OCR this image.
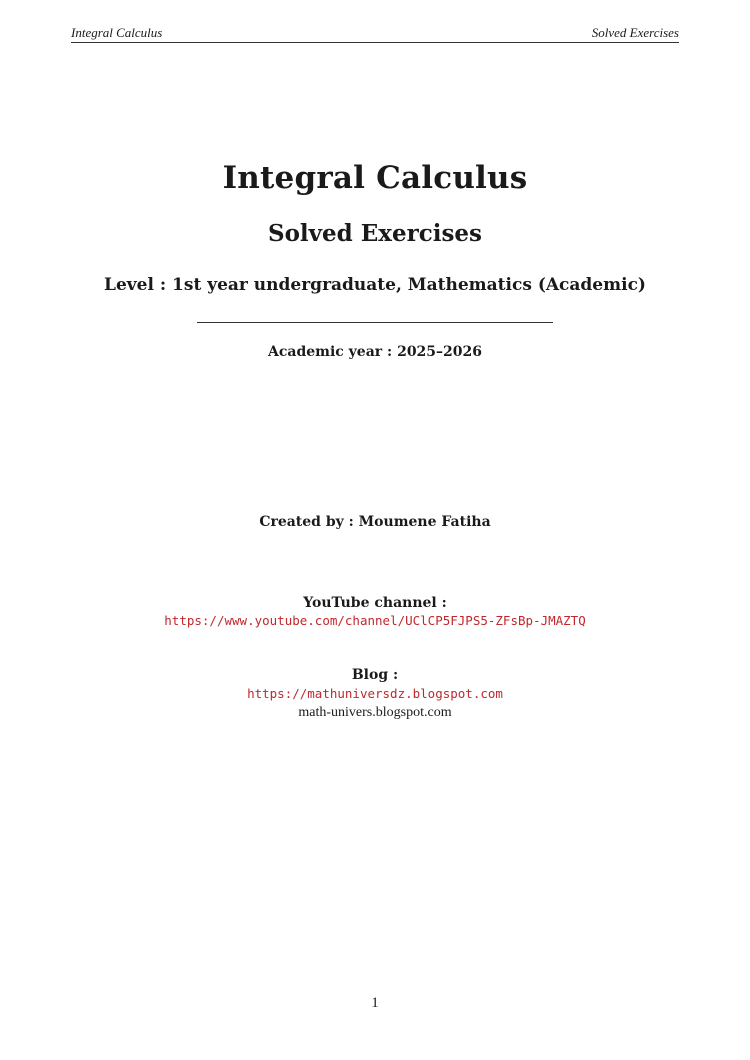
Integral Calculus	Solved Exercises
Integral Calculus
Solved Exercises
Level : 1st year undergraduate, Mathematics (Academic)
Academic year : 2025–2026
Created by : Moumene Fatiha
YouTube channel :
https://www.youtube.com/channel/UClCP5FJPS5-ZFsBp-JMAZTQ
Blog :
https://mathuniversdz.blogspot.com
math-univers.blogspot.com
1
